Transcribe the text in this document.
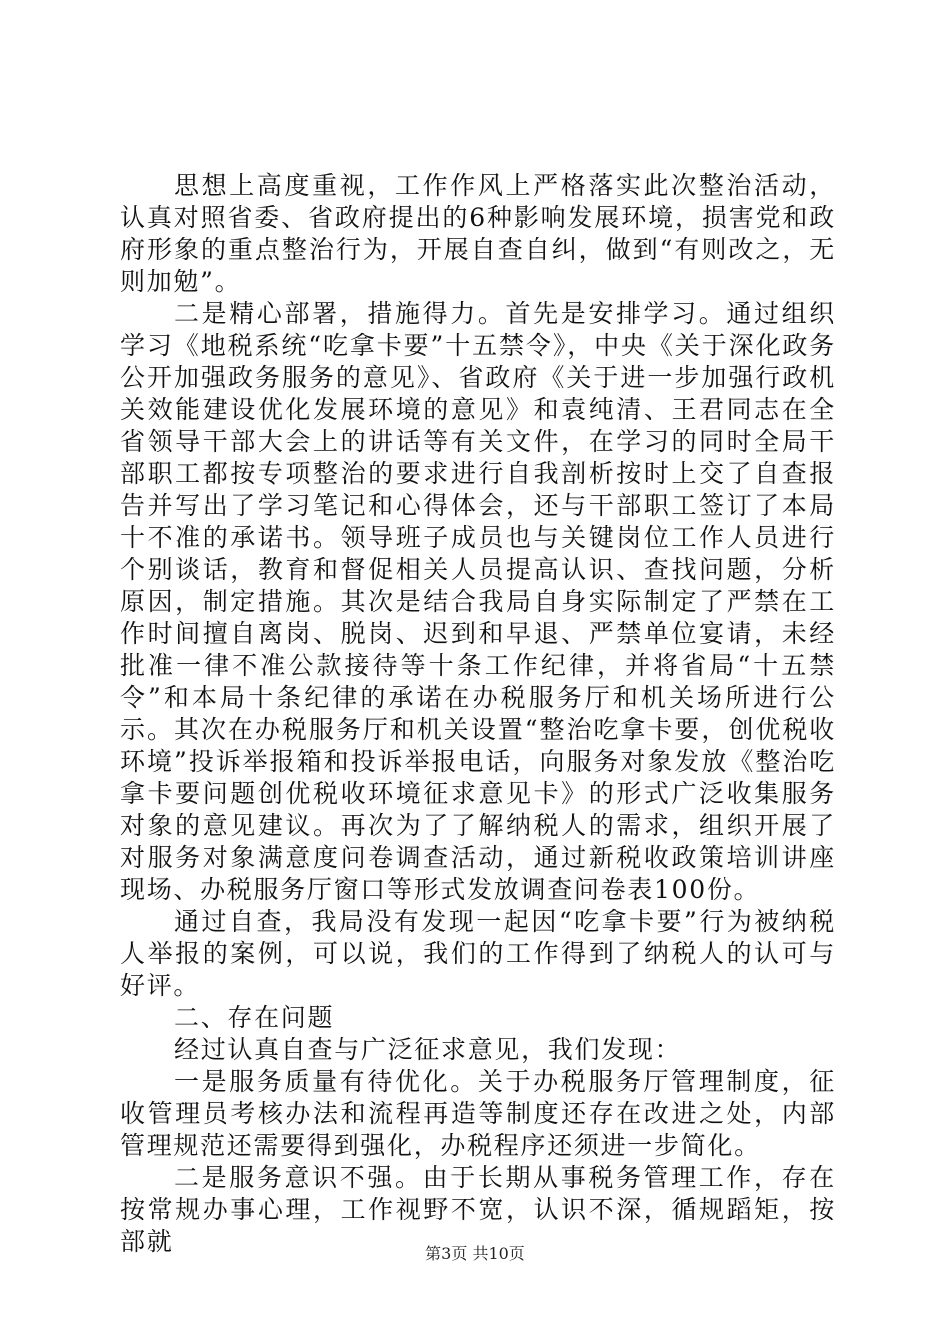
思想上高度重视，工作作风上严格落实此次整治活动，认真对照省委、省政府提出的6种影响发展环境，损害党和政府形象的重点整治行为，开展自查自纠，做到“有则改之，无则加勉”。

二是精心部署，措施得力。首先是安排学习。通过组织学习《地税系统“吃拿卡要”十五禁令》，中央《关于深化政务公开加强政务服务的意见》、省政府《关于进一步加强行政机关效能建设优化发展环境的意见》和袁纯清、王君同志在全省领导干部大会上的讲话等有关文件，在学习的同时全局干部职工都按专项整治的要求进行自我剖析按时上交了自查报告并写出了学习笔记和心得体会，还与干部职工签订了本局十不准的承诺书。领导班子成员也与关键岗位工作人员进行个别谈话，教育和督促相关人员提高认识、查找问题，分析原因，制定措施。其次是结合我局自身实际制定了严禁在工作时间擅自离岗、脱岗、迟到和早退、严禁单位宴请，未经批准一律不准公款接待等十条工作纪律，并将省局“十五禁令”和本局十条纪律的承诺在办税服务厅和机关场所进行公示。其次在办税服务厅和机关设置“整治吃拿卡要，创优税收环境”投诉举报箱和投诉举报电话，向服务对象发放《整治吃拿卡要问题创优税收环境征求意见卡》的形式广泛收集服务对象的意见建议。再次为了了解纳税人的需求，组织开展了对服务对象满意度问卷调查活动，通过新税收政策培训讲座现场、办税服务厅窗口等形式发放调查问卷表100份。

通过自查，我局没有发现一起因“吃拿卡要”行为被纳税人举报的案例，可以说，我们的工作得到了纳税人的认可与好评。

二、存在问题

经过认真自查与广泛征求意见，我们发现：

一是服务质量有待优化。关于办税服务厅管理制度，征收管理员考核办法和流程再造等制度还存在改进之处，内部管理规范还需要得到强化，办税程序还须进一步简化。

二是服务意识不强。由于长期从事税务管理工作，存在按常规办事心理，工作视野不宽，认识不深，循规蹈矩，按部就	第3页 共10页
